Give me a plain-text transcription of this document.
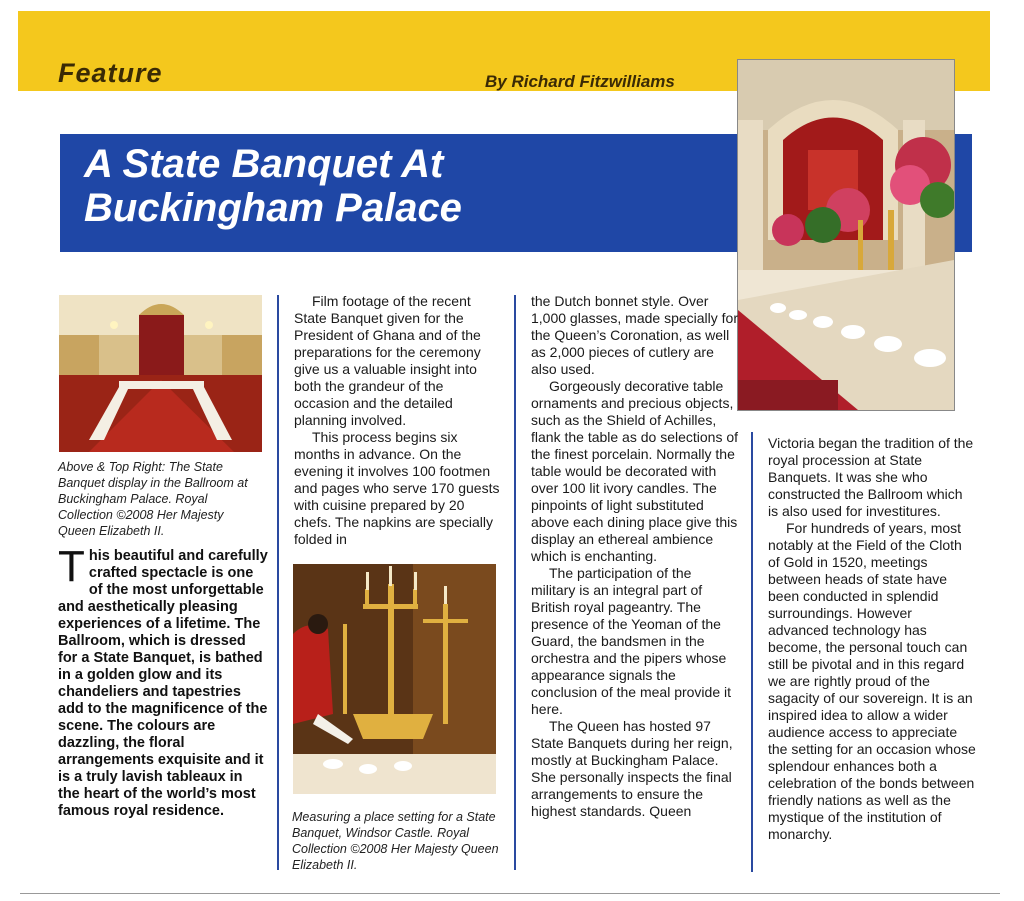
Feature	By Richard Fitzwilliams
A State Banquet At
Buckingham Palace
Above & Top Right: The State Banquet display in the Ballroom at Buckingham Palace. Royal Collection ©2008 Her Majesty Queen Elizabeth II.
Measuring a place setting for a State Banquet, Windsor Castle. Royal Collection ©2008 Her Majesty Queen Elizabeth II.
This beautiful and carefully crafted spectacle is one of the most unforgettable and aesthetically pleasing experiences of a lifetime. The Ballroom, which is dressed for a State Banquet, is bathed in a golden glow and its chandeliers and tapestries add to the magnificence of the scene. The colours are dazzling, the floral arrangements exquisite and it is a truly lavish tableaux in the heart of the world’s most famous royal residence.

Film footage of the recent State Banquet given for the President of Ghana and of the preparations for the ceremony give us a valuable insight into both the grandeur of the occasion and the detailed planning involved.

This process begins six months in advance. On the evening it involves 100 footmen and pages who serve 170 guests with cuisine prepared by 20 chefs. The napkins are specially folded in

the Dutch bonnet style. Over 1,000 glasses, made specially for the Queen’s Coronation, as well as 2,000 pieces of cutlery are also used.

Gorgeously decorative table ornaments and precious objects, such as the Shield of Achilles, flank the table as do selections of the finest porcelain. Normally the table would be decorated with over 100 lit ivory candles. The pinpoints of light substituted above each dining place give this display an ethereal ambience which is enchanting.

The participation of the military is an integral part of British royal pageantry. The presence of the Yeoman of the Guard, the bandsmen in the orchestra and the pipers whose appearance signals the conclusion of the meal provide it here.

The Queen has hosted 97 State Banquets during her reign, mostly at Buckingham Palace. She personally inspects the final arrangements to ensure the highest standards. Queen

Victoria began the tradition of the royal procession at State Banquets. It was she who constructed the Ballroom which is also used for investitures.

For hundreds of years, most notably at the Field of the Cloth of Gold in 1520, meetings between heads of state have been conducted in splendid surroundings. However advanced technology has become, the personal touch can still be pivotal and in this regard we are rightly proud of the sagacity of our sovereign. It is an inspired idea to allow a wider audience access to appreciate the setting for an occasion whose splendour enhances both a celebration of the bonds between friendly nations as well as the mystique of the institution of monarchy.
